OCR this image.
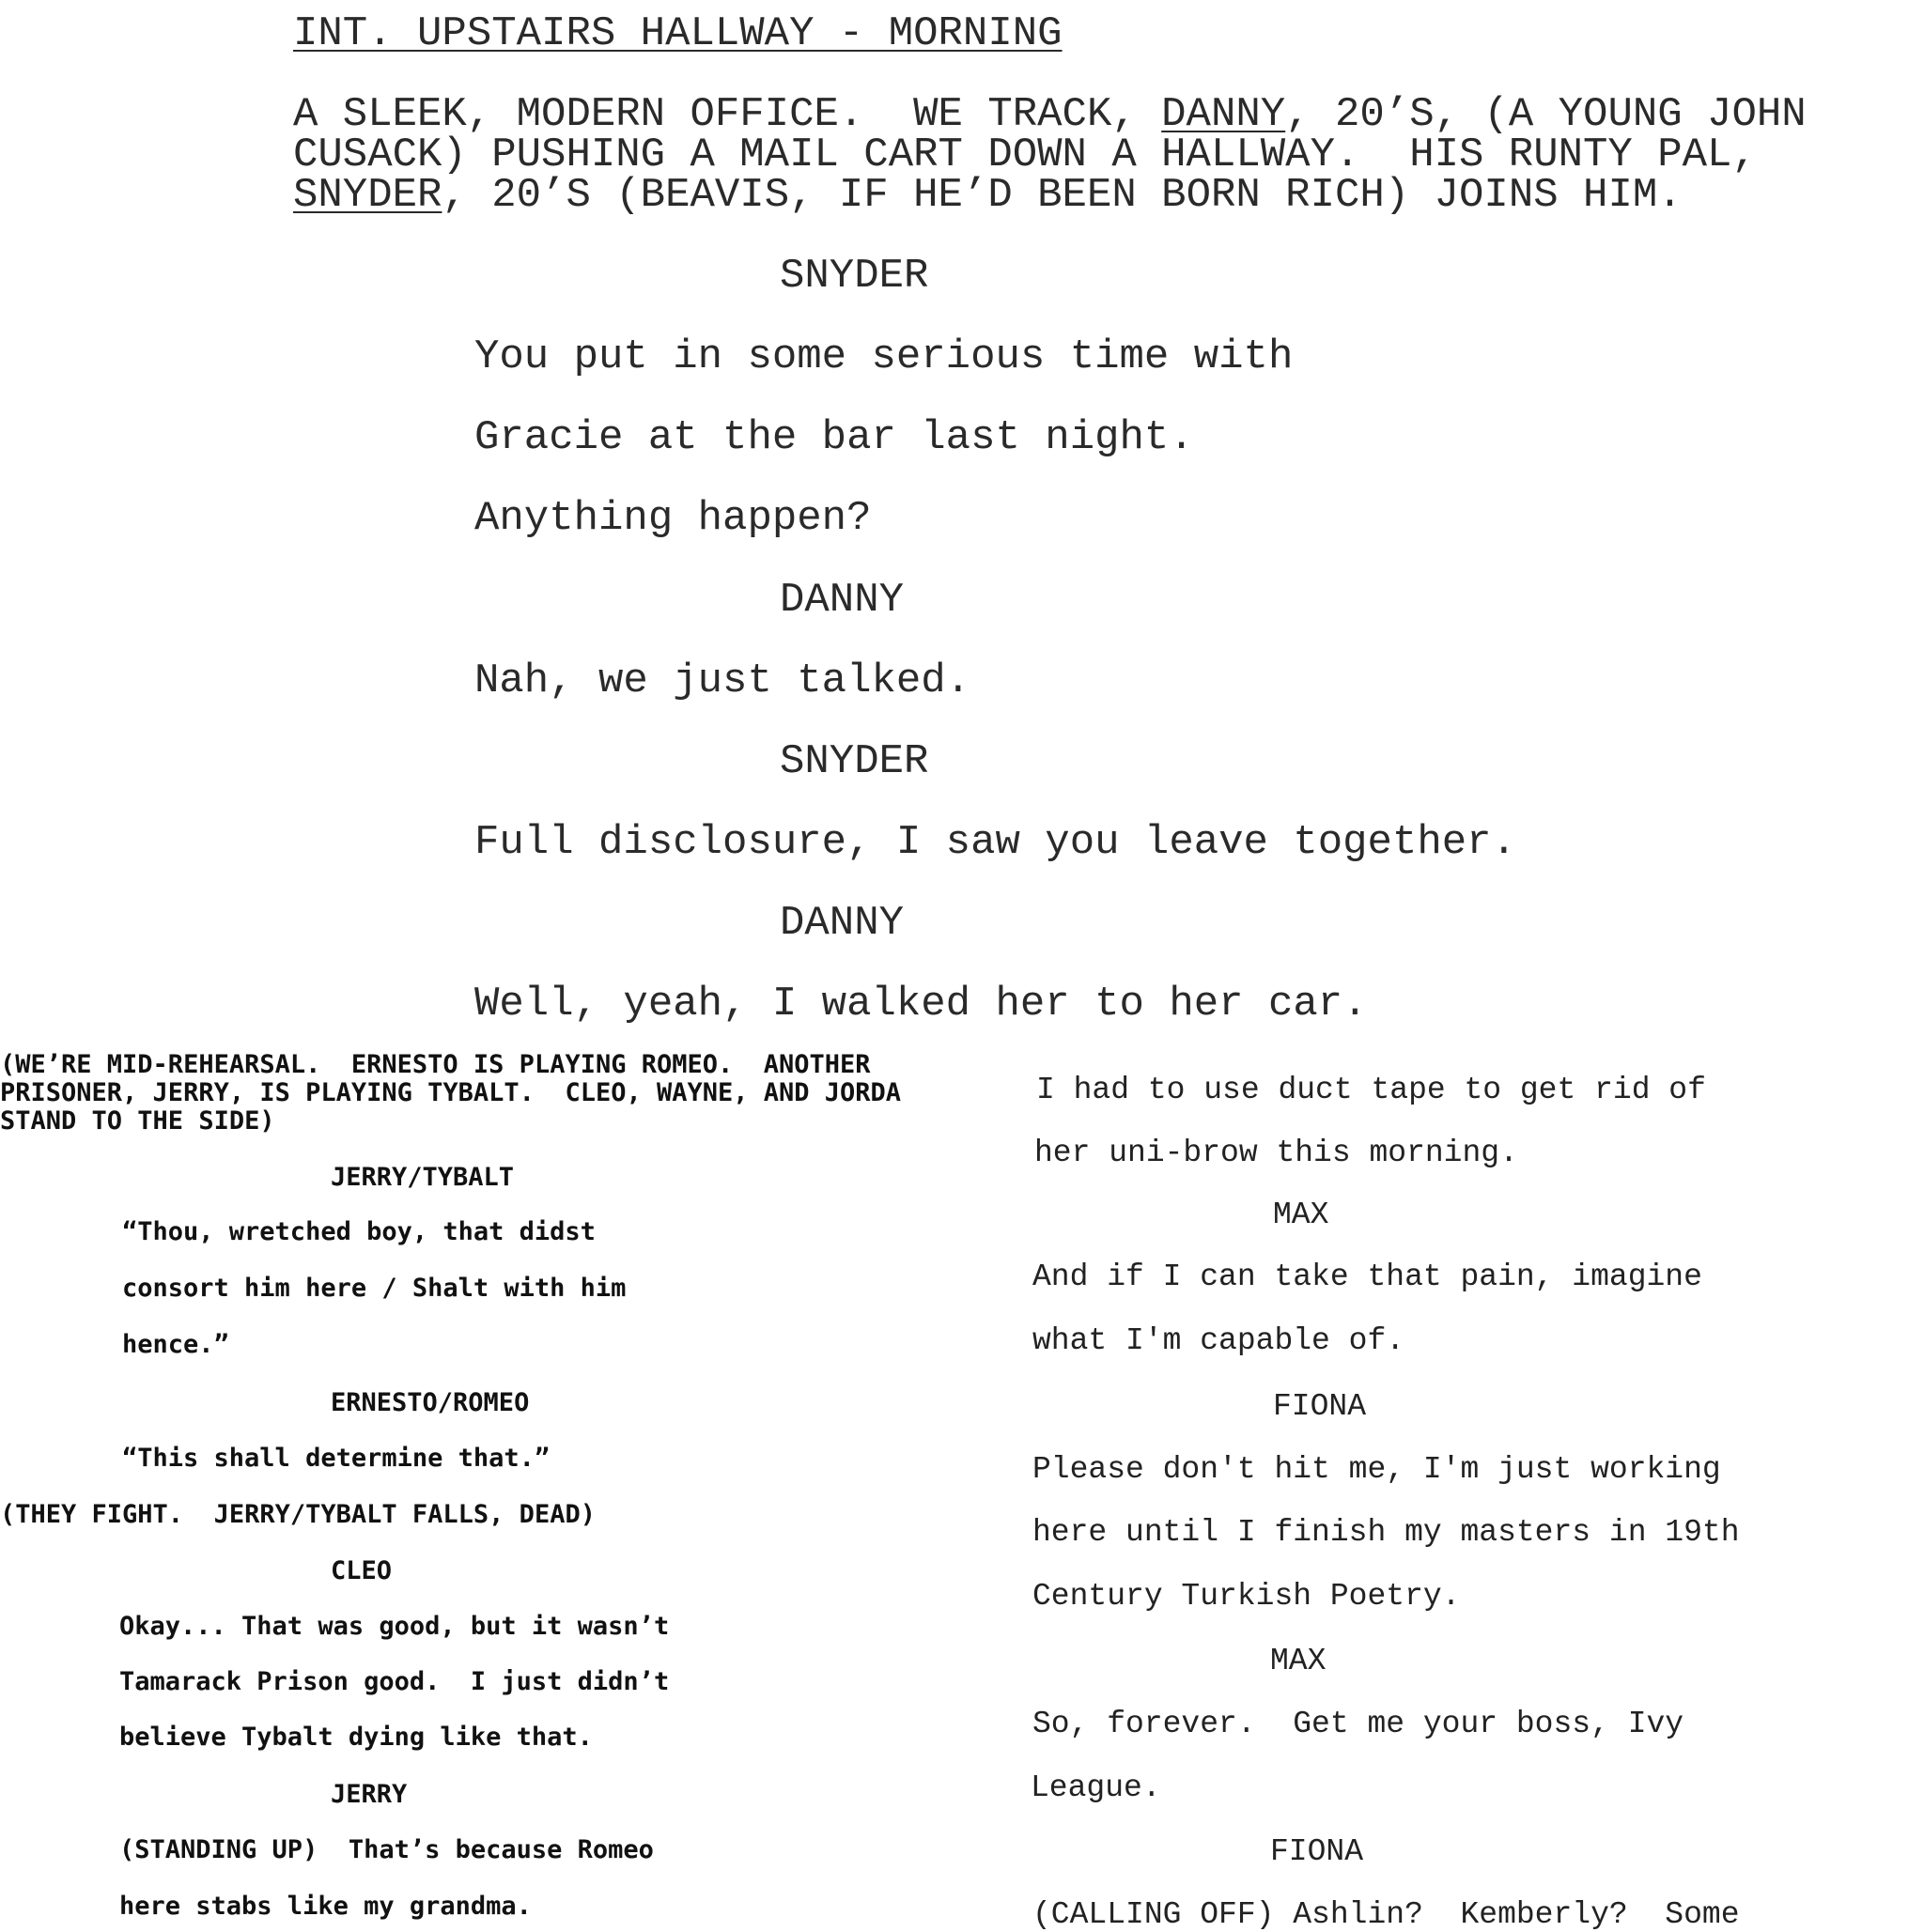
INT. UPSTAIRS HALLWAY - MORNING
A SLEEK, MODERN OFFICE.  WE TRACK, DANNY, 20’S, (A YOUNG JOHN
CUSACK) PUSHING A MAIL CART DOWN A HALLWAY.  HIS RUNTY PAL,
SNYDER, 20’S (BEAVIS, IF HE’D BEEN BORN RICH) JOINS HIM.
SNYDER
You put in some serious time with
Gracie at the bar last night.
Anything happen?
DANNY
Nah, we just talked.
SNYDER
Full disclosure, I saw you leave together.
DANNY
Well, yeah, I walked her to her car.
(WE’RE MID-REHEARSAL.  ERNESTO IS PLAYING ROMEO.  ANOTHER
PRISONER, JERRY, IS PLAYING TYBALT.  CLEO, WAYNE, AND JORDA
STAND TO THE SIDE)
JERRY/TYBALT
“Thou, wretched boy, that didst
consort him here / Shalt with him
hence.”
ERNESTO/ROMEO
“This shall determine that.”
(THEY FIGHT.  JERRY/TYBALT FALLS, DEAD)
CLEO
Okay... That was good, but it wasn’t
Tamarack Prison good.  I just didn’t
believe Tybalt dying like that.
JERRY
(STANDING UP)  That’s because Romeo
here stabs like my grandma.
I had to use duct tape to get rid of
her uni-brow this morning.
MAX
And if I can take that pain, imagine
what I'm capable of.
FIONA
Please don't hit me, I'm just working
here until I finish my masters in 19th
Century Turkish Poetry.
MAX
So, forever.  Get me your boss, Ivy
League.
FIONA
(CALLING OFF) Ashlin?  Kemberly?  Some
